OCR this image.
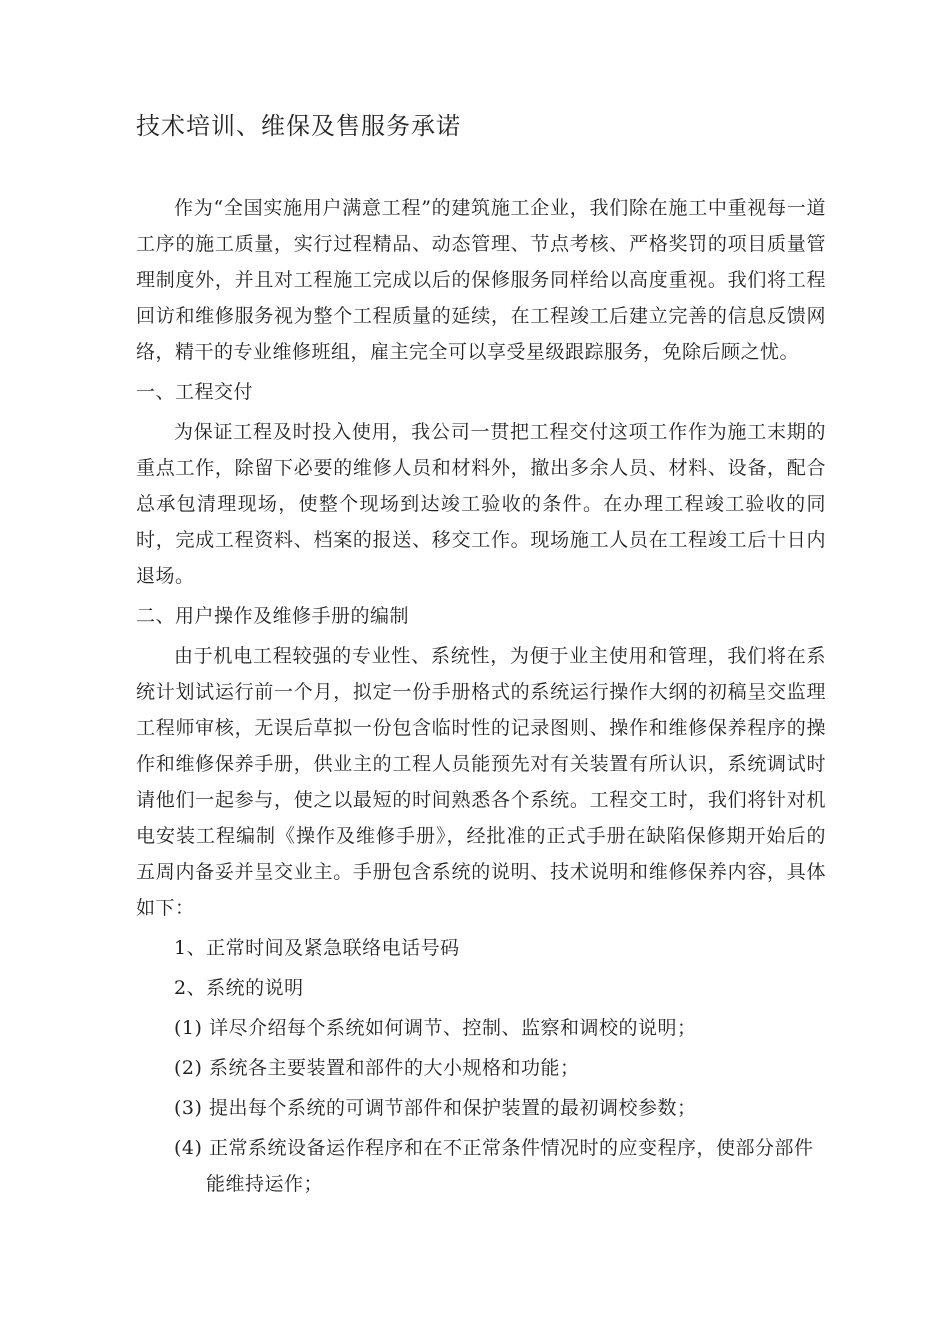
技术培训、维保及售服务承诺

作为“全国实施用户满意工程”的建筑施工企业，我们除在施工中重视每一道工序的施工质量，实行过程精品、动态管理、节点考核、严格奖罚的项目质量管理制度外，并且对工程施工完成以后的保修服务同样给以高度重视。我们将工程回访和维修服务视为整个工程质量的延续，在工程竣工后建立完善的信息反馈网络，精干的专业维修班组，雇主完全可以享受星级跟踪服务，免除后顾之忧。

一、工程交付

为保证工程及时投入使用，我公司一贯把工程交付这项工作作为施工末期的重点工作，除留下必要的维修人员和材料外，撤出多余人员、材料、设备，配合总承包清理现场，使整个现场到达竣工验收的条件。在办理工程竣工验收的同时，完成工程资料、档案的报送、移交工作。现场施工人员在工程竣工后十日内退场。

二、用户操作及维修手册的编制

由于机电工程较强的专业性、系统性，为便于业主使用和管理，我们将在系统计划试运行前一个月，拟定一份手册格式的系统运行操作大纲的初稿呈交监理工程师审核，无误后草拟一份包含临时性的记录图则、操作和维修保养程序的操作和维修保养手册，供业主的工程人员能预先对有关装置有所认识，系统调试时请他们一起参与，使之以最短的时间熟悉各个系统。工程交工时，我们将针对机电安装工程编制《操作及维修手册》，经批准的正式手册在缺陷保修期开始后的五周内备妥并呈交业主。手册包含系统的说明、技术说明和维修保养内容，具体如下：

1、正常时间及紧急联络电话号码

2、系统的说明

(1) 详尽介绍每个系统如何调节、控制、监察和调校的说明；

(2) 系统各主要装置和部件的大小规格和功能；

(3) 提出每个系统的可调节部件和保护装置的最初调校参数；

(4) 正常系统设备运作程序和在不正常条件情况时的应变程序，使部分部件能维持运作；
